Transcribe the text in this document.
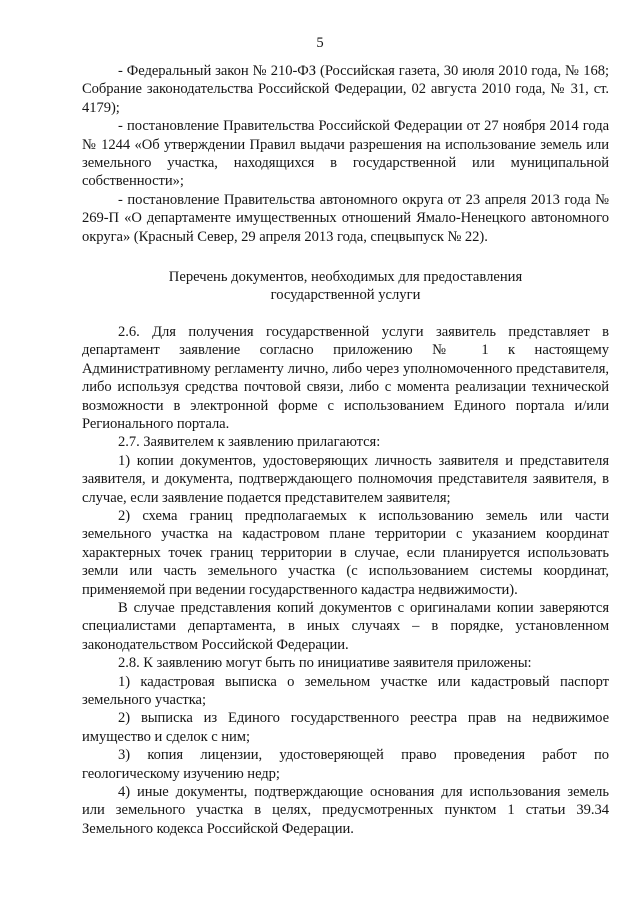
5

- Федеральный закон № 210-ФЗ (Российская газета, 30 июля 2010 года, № 168; Собрание законодательства Российской Федерации, 02 августа 2010 года, № 31, ст. 4179);

- постановление Правительства Российской Федерации от 27 ноября 2014 года № 1244 «Об утверждении Правил выдачи разрешения на использование земель или земельного участка, находящихся в государственной или муниципальной собственности»;

- постановление Правительства автономного округа от 23 апреля 2013 года № 269-П «О департаменте имущественных отношений Ямало-Ненецкого автономного округа» (Красный Север, 29 апреля 2013 года, спецвыпуск № 22).

Перечень документов, необходимых для предоставления государственной услуги

2.6. Для получения государственной услуги заявитель представляет в департамент заявление согласно приложению № 1 к настоящему Административному регламенту лично, либо через уполномоченного представителя, либо используя средства почтовой связи, либо с момента реализации технической возможности в электронной форме с использованием Единого портала и/или Регионального портала.

2.7. Заявителем к заявлению прилагаются:

1) копии документов, удостоверяющих личность заявителя и представителя заявителя, и документа, подтверждающего полномочия представителя заявителя, в случае, если заявление подается представителем заявителя;

2) схема границ предполагаемых к использованию земель или части земельного участка на кадастровом плане территории с указанием координат характерных точек границ территории в случае, если планируется использовать земли или часть земельного участка (с использованием системы координат, применяемой при ведении государственного кадастра недвижимости).

В случае представления копий документов с оригиналами копии заверяются специалистами департамента, в иных случаях – в порядке, установленном законодательством Российской Федерации.

2.8. К заявлению могут быть по инициативе заявителя приложены:

1) кадастровая выписка о земельном участке или кадастровый паспорт земельного участка;

2) выписка из Единого государственного реестра прав на недвижимое имущество и сделок с ним;

3) копия лицензии, удостоверяющей право проведения работ по геологическому изучению недр;

4) иные документы, подтверждающие основания для использования земель или земельного участка в целях, предусмотренных пунктом 1 статьи 39.34 Земельного кодекса Российской Федерации.
